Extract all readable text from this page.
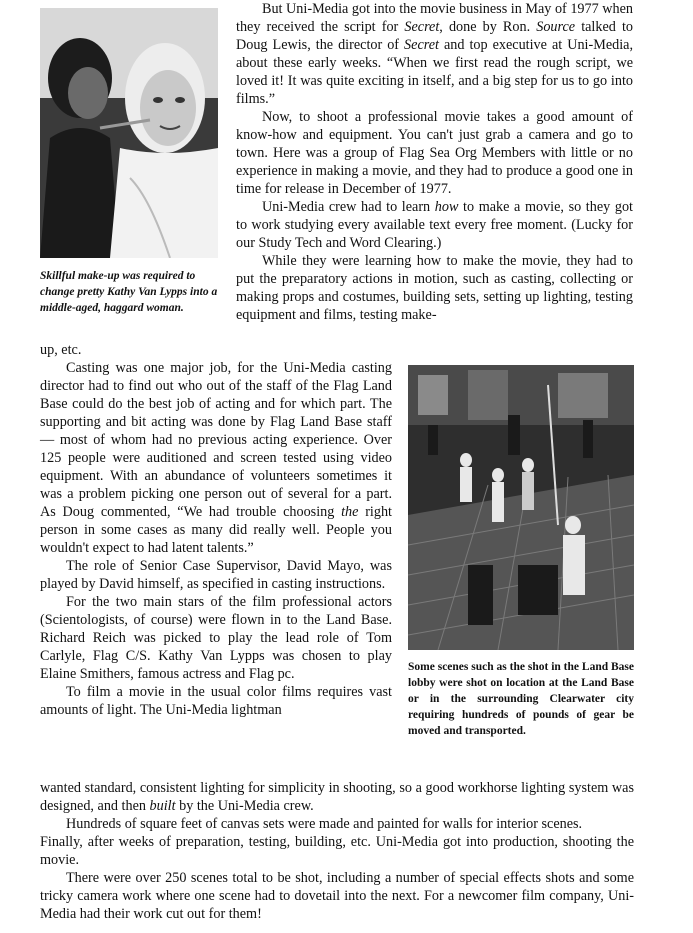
Skillful make-up was required to change pretty Kathy Van Lypps into a middle-aged, haggard woman.

But Uni-Media got into the movie business in May of 1977 when they received the script for Secret, done by Ron. Source talked to Doug Lewis, the director of Secret and top executive at Uni-Media, about these early weeks. “When we first read the rough script, we loved it! It was quite exciting in itself, and a big step for us to go into films.”

Now, to shoot a professional movie takes a good amount of know-how and equipment. You can't just grab a camera and go to town. Here was a group of Flag Sea Org Members with little or no experience in making a movie, and they had to produce a good one in time for release in December of 1977.

Uni-Media crew had to learn how to make a movie, so they got to work studying every available text every free moment. (Lucky for our Study Tech and Word Clearing.)

While they were learning how to make the movie, they had to put the preparatory actions in motion, such as casting, collecting or making props and costumes, building sets, setting up lighting, testing equipment and films, testing make-

up, etc.

Casting was one major job, for the Uni-Media casting director had to find out who out of the staff of the Flag Land Base could do the best job of acting and for which part. The supporting and bit acting was done by Flag Land Base staff — most of whom had no previous acting experience. Over 125 people were auditioned and screen tested using video equipment. With an abundance of volunteers sometimes it was a problem picking one person out of several for a part. As Doug commented, “We had trouble choosing the right person in some cases as many did really well. People you wouldn't expect to had latent talents.”

The role of Senior Case Supervisor, David Mayo, was played by David himself, as specified in casting instructions.

For the two main stars of the film professional actors (Scientologists, of course) were flown in to the Land Base. Richard Reich was picked to play the lead role of Tom Carlyle, Flag C/S. Kathy Van Lypps was chosen to play Elaine Smithers, famous actress and Flag pc.

To film a movie in the usual color films requires vast amounts of light. The Uni-Media lightman

Some scenes such as the shot in the Land Base lobby were shot on location at the Land Base or in the surrounding Clearwater city requiring hundreds of pounds of gear be moved and transported.

wanted standard, consistent lighting for simplicity in shooting, so a good workhorse lighting system was designed, and then built by the Uni-Media crew.

Hundreds of square feet of canvas sets were made and painted for walls for interior scenes.

Finally, after weeks of preparation, testing, building, etc. Uni-Media got into production, shooting the movie.

There were over 250 scenes total to be shot, including a number of special effects shots and some tricky camera work where one scene had to dovetail into the next. For a newcomer film company, Uni-Media had their work cut out for them!
